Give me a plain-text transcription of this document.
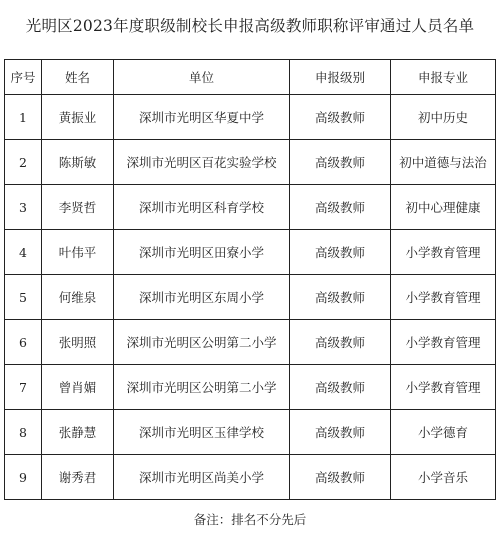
光明区2023年度职级制校长申报高级教师职称评审通过人员名单
序号	姓名	单位	申报级别	申报专业
1	黄振业	深圳市光明区华夏中学	高级教师	初中历史
2	陈斯敏	深圳市光明区百花实验学校	高级教师	初中道德与法治
3	李贤哲	深圳市光明区科育学校	高级教师	初中心理健康
4	叶伟平	深圳市光明区田寮小学	高级教师	小学教育管理
5	何维泉	深圳市光明区东周小学	高级教师	小学教育管理
6	张明照	深圳市光明区公明第二小学	高级教师	小学教育管理
7	曾肖媚	深圳市光明区公明第二小学	高级教师	小学教育管理
8	张静慧	深圳市光明区玉律学校	高级教师	小学德育
9	谢秀君	深圳市光明区尚美小学	高级教师	小学音乐
备注：排名不分先后
